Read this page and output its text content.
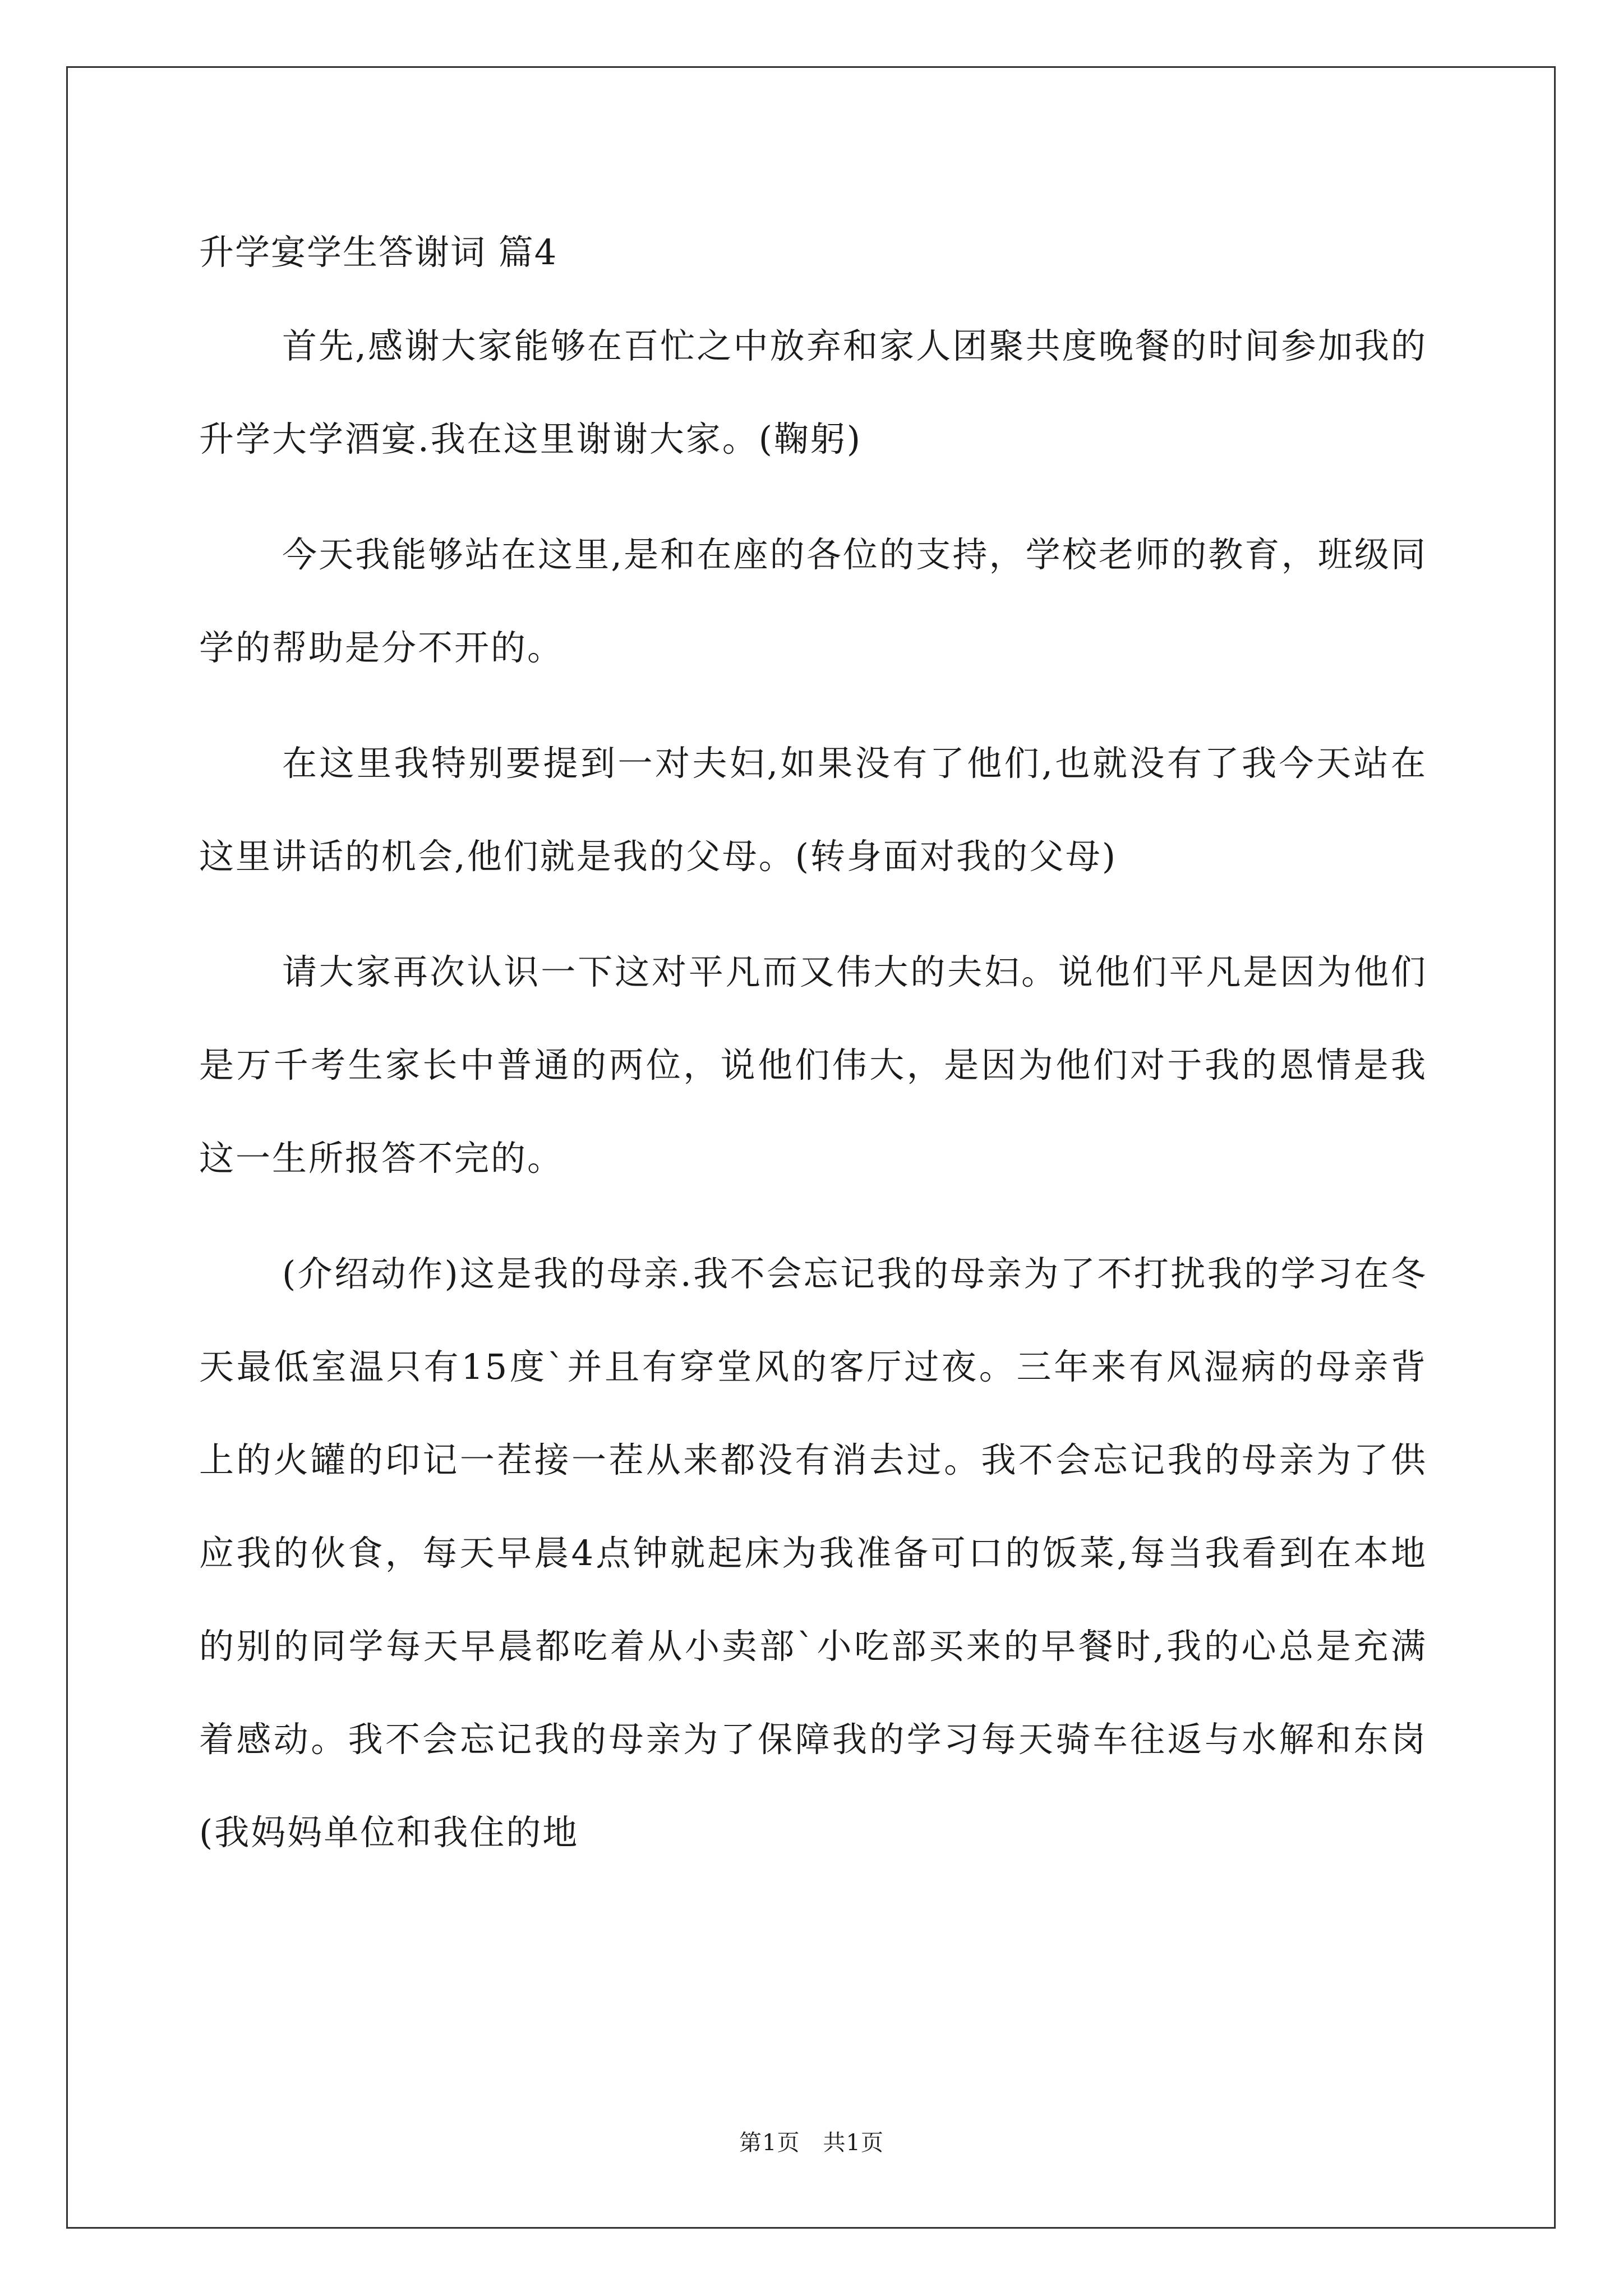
升学宴学生答谢词 篇4

首先,感谢大家能够在百忙之中放弃和家人团聚共度晚餐的时间参加我的升学大学酒宴.我在这里谢谢大家。(鞠躬)

今天我能够站在这里,是和在座的各位的支持，学校老师的教育，班级同学的帮助是分不开的。

在这里我特别要提到一对夫妇,如果没有了他们,也就没有了我今天站在这里讲话的机会,他们就是我的父母。(转身面对我的父母)

请大家再次认识一下这对平凡而又伟大的夫妇。说他们平凡是因为他们是万千考生家长中普通的两位，说他们伟大，是因为他们对于我的恩情是我这一生所报答不完的。

(介绍动作)这是我的母亲.我不会忘记我的母亲为了不打扰我的学习在冬天最低室温只有15度`并且有穿堂风的客厅过夜。三年来有风湿病的母亲背上的火罐的印记一茬接一茬从来都没有消去过。我不会忘记我的母亲为了供应我的伙食，每天早晨4点钟就起床为我准备可口的饭菜,每当我看到在本地的别的同学每天早晨都吃着从小卖部`小吃部买来的早餐时,我的心总是充满着感动。我不会忘记我的母亲为了保障我的学习每天骑车往返与水解和东岗(我妈妈单位和我住的地

第1页　共1页
